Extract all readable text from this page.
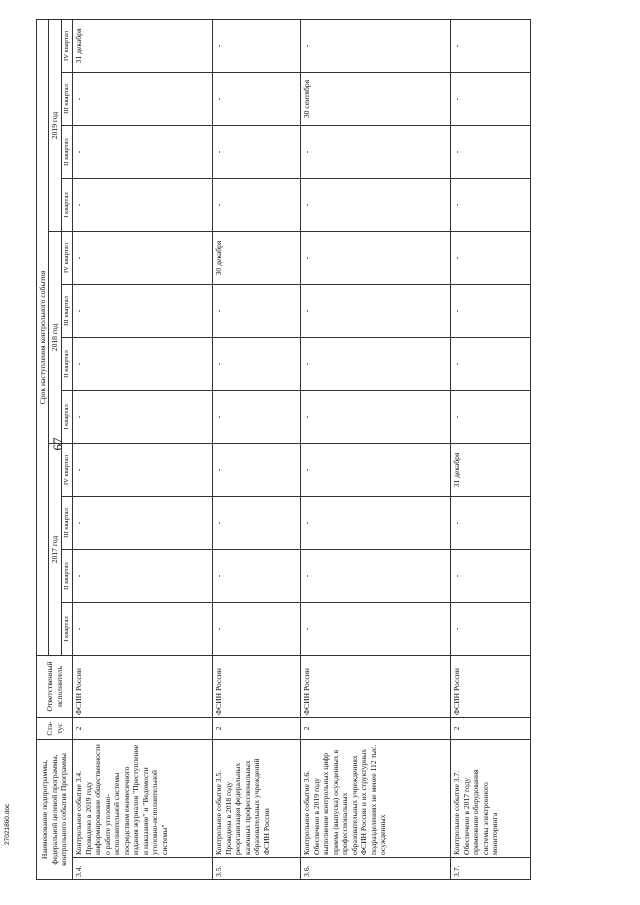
67
Наименование подпрограммы, федеральной целевой программы, контрольного события Программы		Ста-тус	Ответственный исполнитель	Срок наступления контрольного события											
				2017 год				2018 год				2019 год			
				I квартал	II квартал	III квартал	IV квартал	I квартал	II квартал	III квартал	IV квартал	I квартал	II квартал	III квартал	IV квартал
3.4.	Контрольное событие 3.4. Проведено в 2019 году информирование общественности о работе уголовно-исполнительной системы посредством ежемесячного издания журналов "Преступление и наказание" и "Ведомости уголовно-исполнительной системы"	2	ФСИН России	-	-	-	-	-	-	-	-	-	-	-	31 декабря
3.5.	Контрольное событие 3.5. Проведена в 2018 году реорганизация федеральных казенных профессиональных образовательных учреждений ФСИН России	2	ФСИН России	-	-	-	-	-	-	-	30 декабря	-	-	-	-
3.6.	Контрольное событие 3.6. Обеспечено в 2019 году выполнение контрольных цифр приема (выпуска) осужденных в профессиональных образовательных учреждениях ФСИН России и их структурных подразделениях не менее 112 тыс. осужденных	2	ФСИН России	-	-	-	-	-	-	-	-	-	-	30 сентября	-
3.7.	Контрольное событие 3.7. Обеспечено в 2017 году применение оборудования системы электронного мониторинга	2	ФСИН России	-	-	-	31 декабря	-	-	-	-	-	-	-	-
27021860.doc
